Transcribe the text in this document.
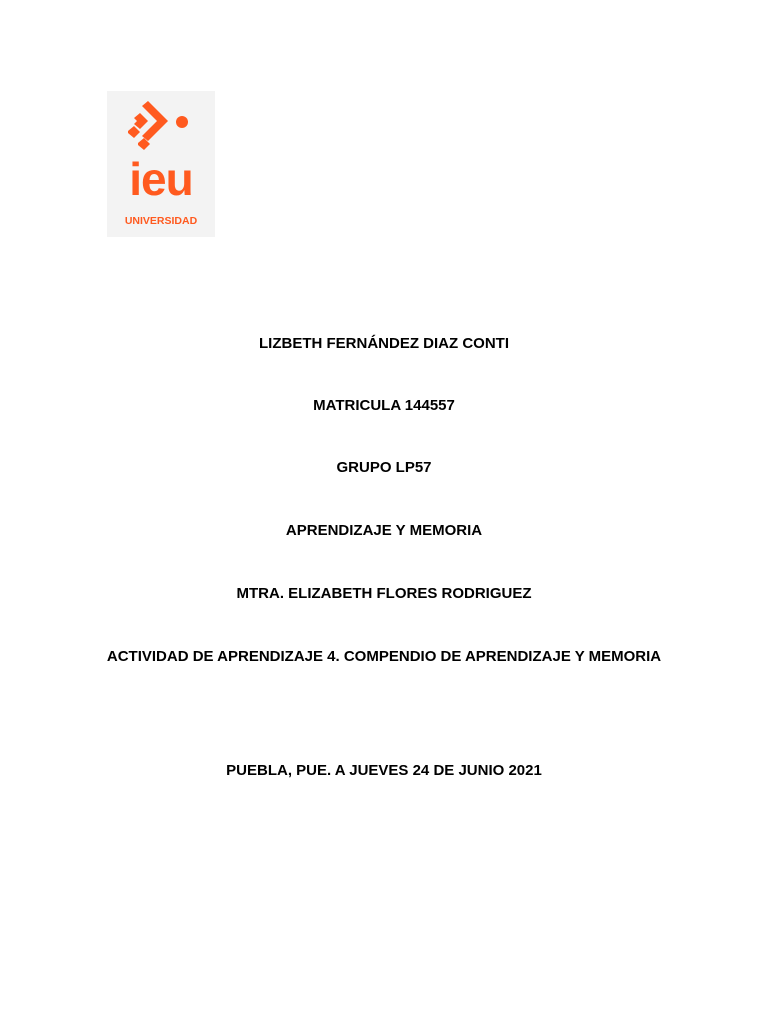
ieu
UNIVERSIDAD
LIZBETH FERNÁNDEZ DIAZ CONTI
MATRICULA 144557
GRUPO LP57
APRENDIZAJE Y MEMORIA
MTRA. ELIZABETH FLORES RODRIGUEZ
ACTIVIDAD DE APRENDIZAJE 4. COMPENDIO DE APRENDIZAJE Y MEMORIA
PUEBLA, PUE. A JUEVES 24 DE JUNIO 2021
